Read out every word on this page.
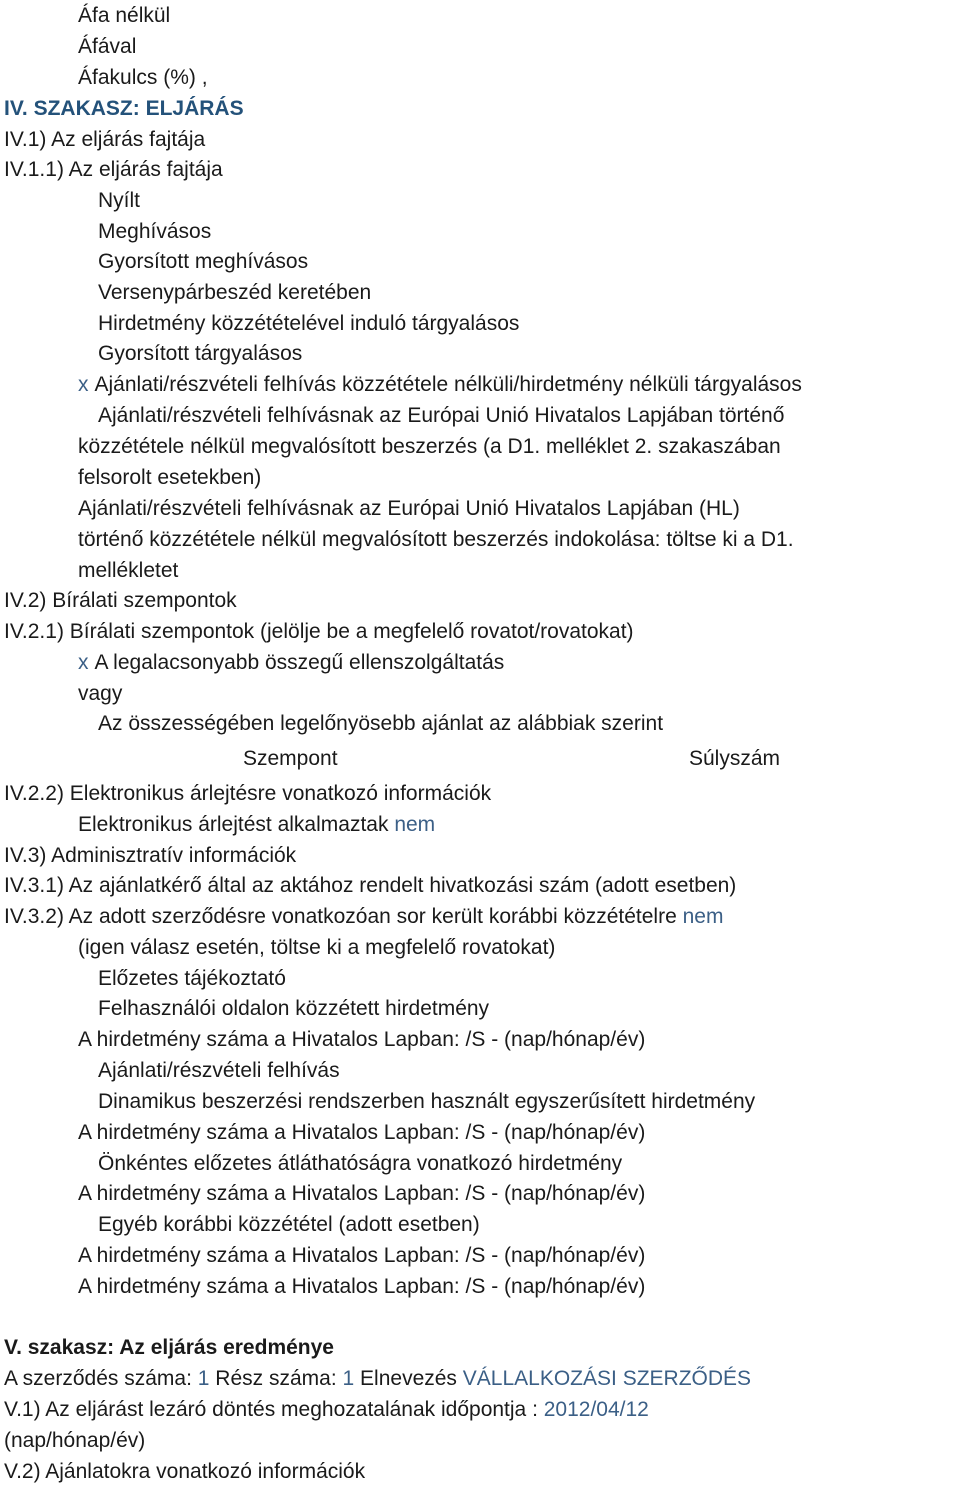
Áfa nélkül
Áfával
Áfakulcs (%) ,
IV. SZAKASZ: ELJÁRÁS
IV.1) Az eljárás fajtája
IV.1.1) Az eljárás fajtája
Nyílt
Meghívásos
Gyorsított meghívásos
Versenypárbeszéd keretében
Hirdetmény közzétételével induló tárgyalásos
Gyorsított tárgyalásos
x Ajánlati/részvételi felhívás közzététele nélküli/hirdetmény nélküli tárgyalásos
Ajánlati/részvételi felhívásnak az Európai Unió Hivatalos Lapjában történő
közzététele nélkül megvalósított beszerzés (a D1. melléklet 2. szakaszában
felsorolt esetekben)
Ajánlati/részvételi felhívásnak az Európai Unió Hivatalos Lapjában (HL)
történő közzététele nélkül megvalósított beszerzés indokolása: töltse ki a D1.
mellékletet
IV.2) Bírálati szempontok
IV.2.1) Bírálati szempontok (jelölje be a megfelelő rovatot/rovatokat)
x A legalacsonyabb összegű ellenszolgáltatás
vagy
Az összességében legelőnyösebb ajánlat az alábbiak szerint
Szempont	Súlyszám
IV.2.2) Elektronikus árlejtésre vonatkozó információk
Elektronikus árlejtést alkalmaztak nem
IV.3) Adminisztratív információk
IV.3.1) Az ajánlatkérő által az aktához rendelt hivatkozási szám (adott esetben)
IV.3.2) Az adott szerződésre vonatkozóan sor került korábbi közzétételre nem
(igen válasz esetén, töltse ki a megfelelő rovatokat)
Előzetes tájékoztató
Felhasználói oldalon közzétett hirdetmény
A hirdetmény száma a Hivatalos Lapban: /S - (nap/hónap/év)
Ajánlati/részvételi felhívás
Dinamikus beszerzési rendszerben használt egyszerűsített hirdetmény
A hirdetmény száma a Hivatalos Lapban: /S - (nap/hónap/év)
Önkéntes előzetes átláthatóságra vonatkozó hirdetmény
A hirdetmény száma a Hivatalos Lapban: /S - (nap/hónap/év)
Egyéb korábbi közzététel (adott esetben)
A hirdetmény száma a Hivatalos Lapban: /S - (nap/hónap/év)
A hirdetmény száma a Hivatalos Lapban: /S - (nap/hónap/év)
V. szakasz: Az eljárás eredménye
A szerződés száma: 1 Rész száma: 1 Elnevezés VÁLLALKOZÁSI SZERZŐDÉS
V.1) Az eljárást lezáró döntés meghozatalának időpontja : 2012/04/12
(nap/hónap/év)
V.2) Ajánlatokra vonatkozó információk
